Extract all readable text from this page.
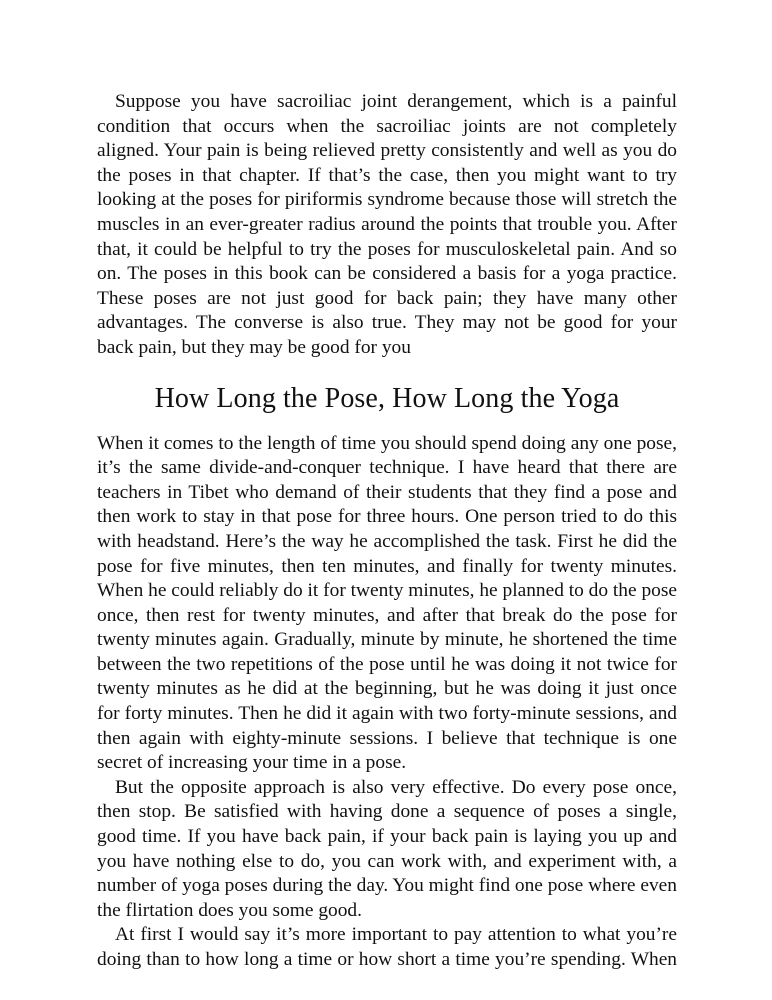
Suppose you have sacroiliac joint derangement, which is a painful condition that occurs when the sacroiliac joints are not completely aligned. Your pain is being relieved pretty consistently and well as you do the poses in that chapter. If that’s the case, then you might want to try looking at the poses for piriformis syndrome because those will stretch the muscles in an ever-greater radius around the points that trouble you. After that, it could be helpful to try the poses for musculoskeletal pain. And so on. The poses in this book can be considered a basis for a yoga practice. These poses are not just good for back pain; they have many other advantages. The converse is also true. They may not be good for your back pain, but they may be good for you

How Long the Pose, How Long the Yoga

When it comes to the length of time you should spend doing any one pose, it’s the same divide-and-conquer technique. I have heard that there are teachers in Tibet who demand of their students that they find a pose and then work to stay in that pose for three hours. One person tried to do this with headstand. Here’s the way he accomplished the task. First he did the pose for five minutes, then ten minutes, and finally for twenty minutes. When he could reliably do it for twenty minutes, he planned to do the pose once, then rest for twenty minutes, and after that break do the pose for twenty minutes again. Gradually, minute by minute, he shortened the time between the two repetitions of the pose until he was doing it not twice for twenty minutes as he did at the beginning, but he was doing it just once for forty minutes. Then he did it again with two forty-minute sessions, and then again with eighty-minute sessions. I believe that technique is one secret of increasing your time in a pose.

But the opposite approach is also very effective. Do every pose once, then stop. Be satisfied with having done a sequence of poses a single, good time. If you have back pain, if your back pain is laying you up and you have nothing else to do, you can work with, and experiment with, a number of yoga poses during the day. You might find one pose where even the flirtation does you some good.

At first I would say it’s more important to pay attention to what you’re doing than to how long a time or how short a time you’re spending. When
